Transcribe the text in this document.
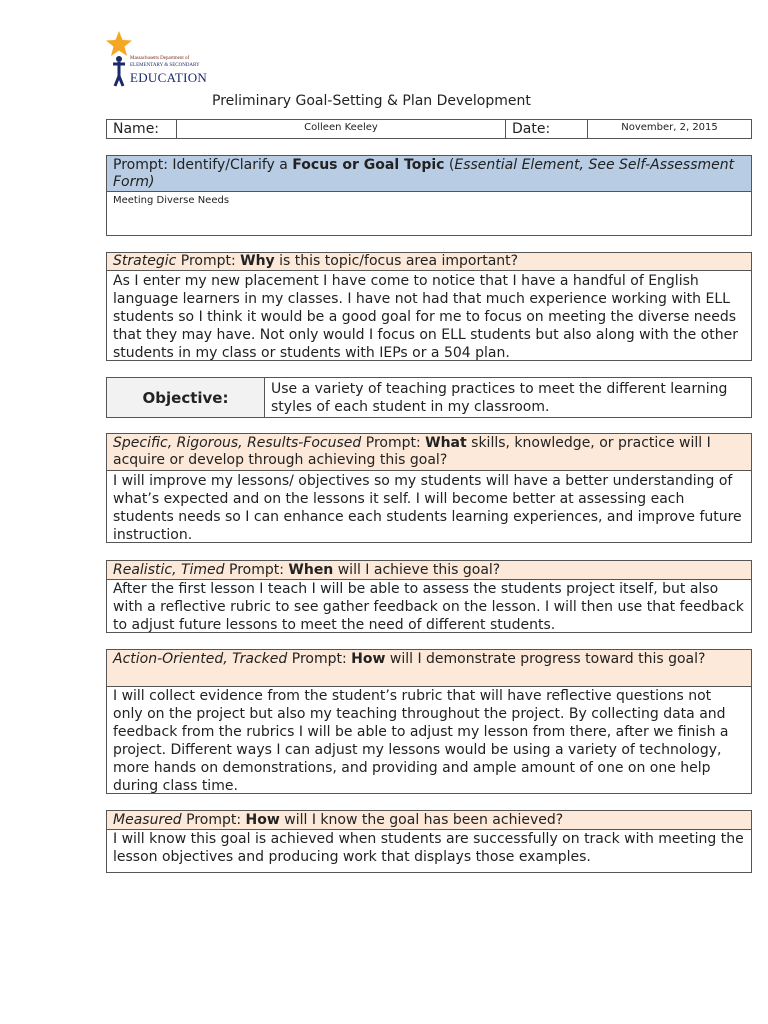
Massachusetts Department of
ELEMENTARY & SECONDARY
EDUCATION
Preliminary Goal-Setting & Plan Development
Name:	Colleen Keeley	Date:	November, 2, 2015
Prompt: Identify/Clarify a Focus or Goal Topic (Essential Element, See Self-Assessment Form)
Meeting Diverse Needs
Strategic Prompt: Why is this topic/focus area important?
As I enter my new placement I have come to notice that I have a handful of English language learners in my classes. I have not had that much experience working with ELL students so I think it would be a good goal for me to focus on meeting the diverse needs that they may have. Not only would I focus on ELL students but also along with the other students in my class or students with IEPs or a 504 plan.
Objective:	Use a variety of teaching practices to meet the different learning styles of each student in my classroom.
Specific, Rigorous, Results-Focused Prompt: What skills, knowledge, or practice will I acquire or develop through achieving this goal?
I will improve my lessons/ objectives so my students will have a better understanding of what’s expected and on the lessons it self. I will become better at assessing each students needs so I can enhance each students learning experiences, and improve future instruction.
Realistic, Timed Prompt: When will I achieve this goal?
After the first lesson I teach I will be able to assess the students project itself, but also with a reflective rubric to see gather feedback on the lesson. I will then use that feedback to adjust future lessons to meet the need of different students.
Action-Oriented, Tracked Prompt: How will I demonstrate progress toward this goal?
I will collect evidence from the student’s rubric that will have reflective questions not only on the project but also my teaching throughout the project. By collecting data and feedback from the rubrics I will be able to adjust my lesson from there, after we finish a project. Different ways I can adjust my lessons would be using a variety of technology, more hands on demonstrations, and providing and ample amount of one on one help during class time.
Measured Prompt: How will I know the goal has been achieved?
I will know this goal is achieved when students are successfully on track with meeting the lesson objectives and producing work that displays those examples.
